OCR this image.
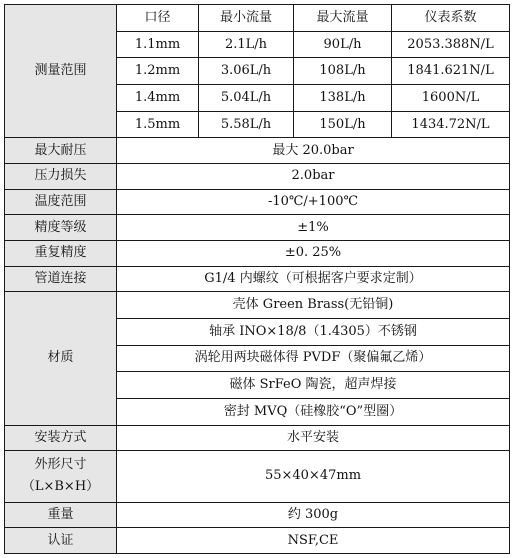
测量范围	口径	最小流量	最大流量	仪表系数
	1.1mm	2.1L/h	90L/h	2053.388N/L
	1.2mm	3.06L/h	108L/h	1841.621N/L
	1.4mm	5.04L/h	138L/h	1600N/L
	1.5mm	5.58L/h	150L/h	1434.72N/L
最大耐压	最大 20.0bar			
压力损失	2.0bar			
温度范围	-10℃/+100℃			
精度等级	±1%			
重复精度	±0. 25%			
管道连接	G1/4 内螺纹（可根据客户要求定制）			
材质	壳体 Green Brass(无铅铜)			
	轴承 INO×18/8（1.4305）不锈钢			
	涡轮用两块磁体得 PVDF（聚偏氟乙烯）			
	磁体 SrFeO 陶瓷，超声焊接			
	密封 MVQ（硅橡胶“O”型圈）			
安装方式	水平安装			

外形尺寸
（L×B×H）	55×40×47mm			
重量	约 300g			
认证	NSF,CE			
